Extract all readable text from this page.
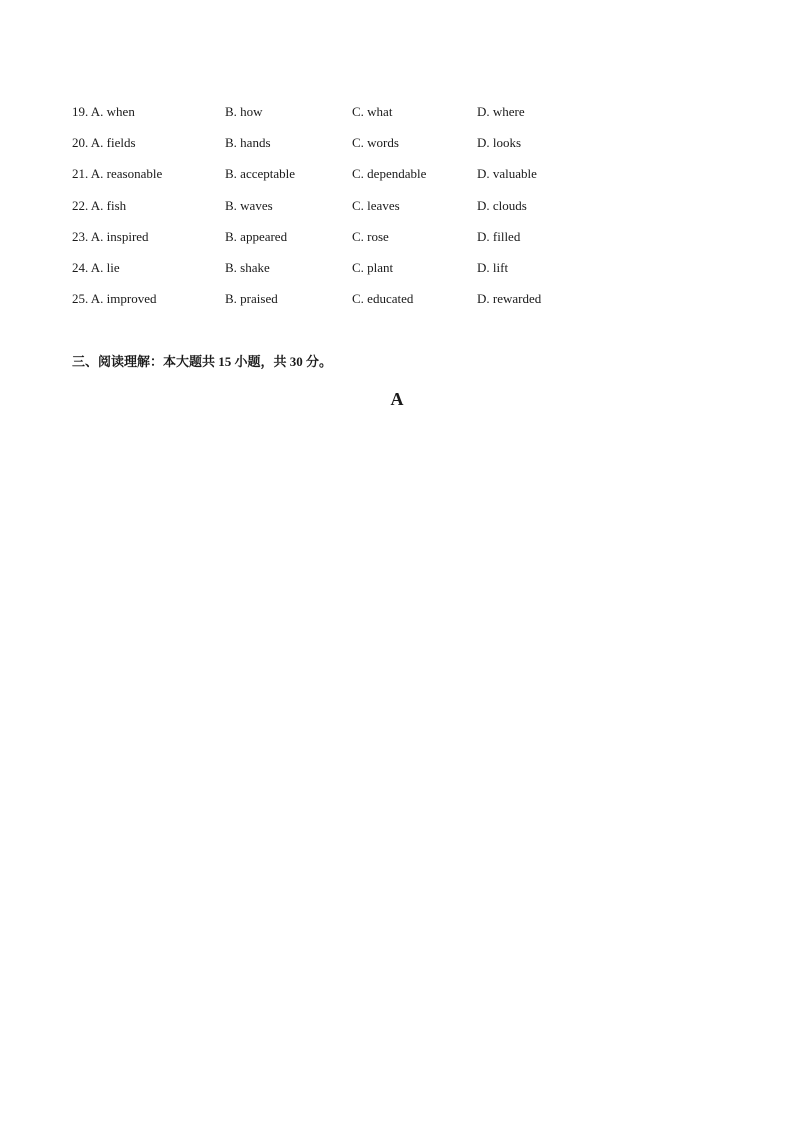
19. A. when	B. how	C. what	D. where
20. A. fields	B. hands	C. words	D. looks
21. A. reasonable	B. acceptable	C. dependable	D. valuable
22. A. fish	B. waves	C. leaves	D. clouds
23. A. inspired	B. appeared	C. rose	D. filled
24. A. lie	B. shake	C. plant	D. lift
25. A. improved	B. praised	C. educated	D. rewarded
三、阅读理解：本大题共 15 小题，共 30 分。
A
